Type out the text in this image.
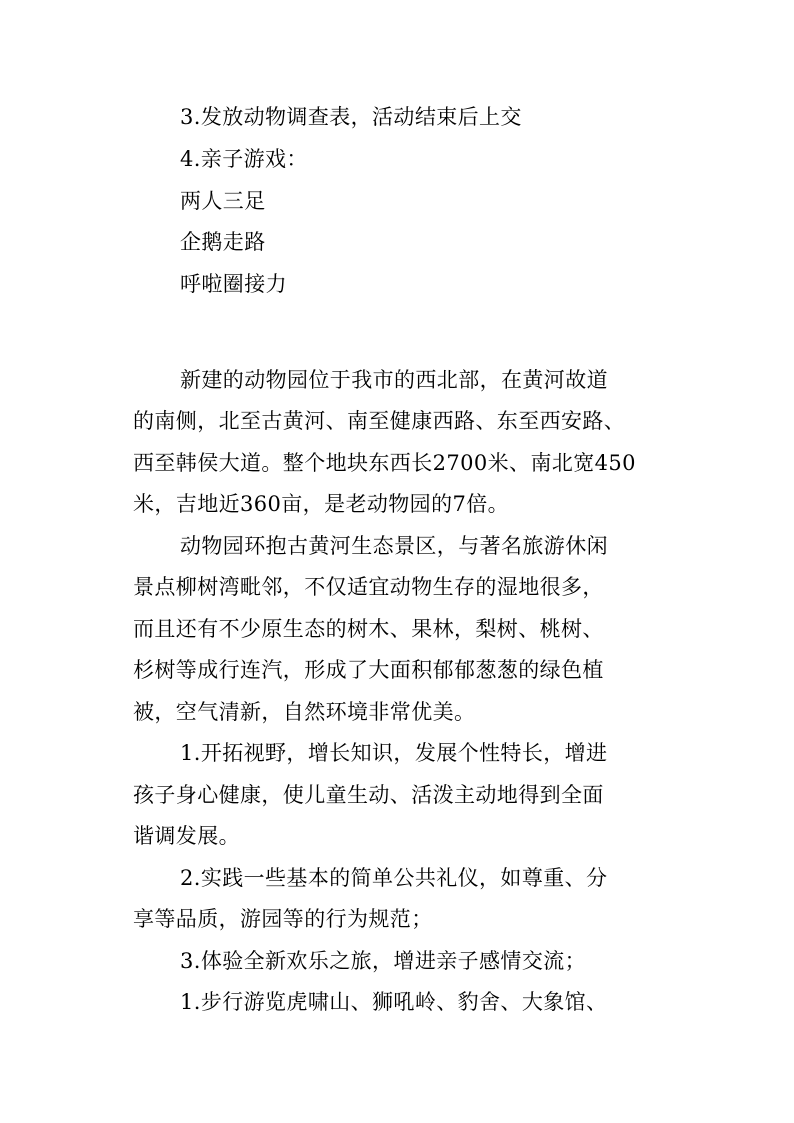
3.发放动物调查表，活动结束后上交
4.亲子游戏：
两人三足
企鹅走路
呼啦圈接力
新建的动物园位于我市的西北部，在黄河故道
的南侧，北至古黄河、南至健康西路、东至西安路、
西至韩侯大道。整个地块东西长2700米、南北宽450
米，吉地近360亩，是老动物园的7倍。
动物园环抱古黄河生态景区，与著名旅游休闲
景点柳树湾毗邻，不仅适宜动物生存的湿地很多，
而且还有不少原生态的树木、果林，梨树、桃树、
杉树等成行连汽，形成了大面积郁郁葱葱的绿色植
被，空气清新，自然环境非常优美。
1.开拓视野，增长知识，发展个性特长，增进
孩子身心健康，使儿童生动、活泼主动地得到全面
谐调发展。
2.实践一些基本的简单公共礼仪，如尊重、分
享等品质，游园等的行为规范；
3.体验全新欢乐之旅，增进亲子感情交流；
1.步行游览虎啸山、狮吼岭、豹舍、大象馆、
